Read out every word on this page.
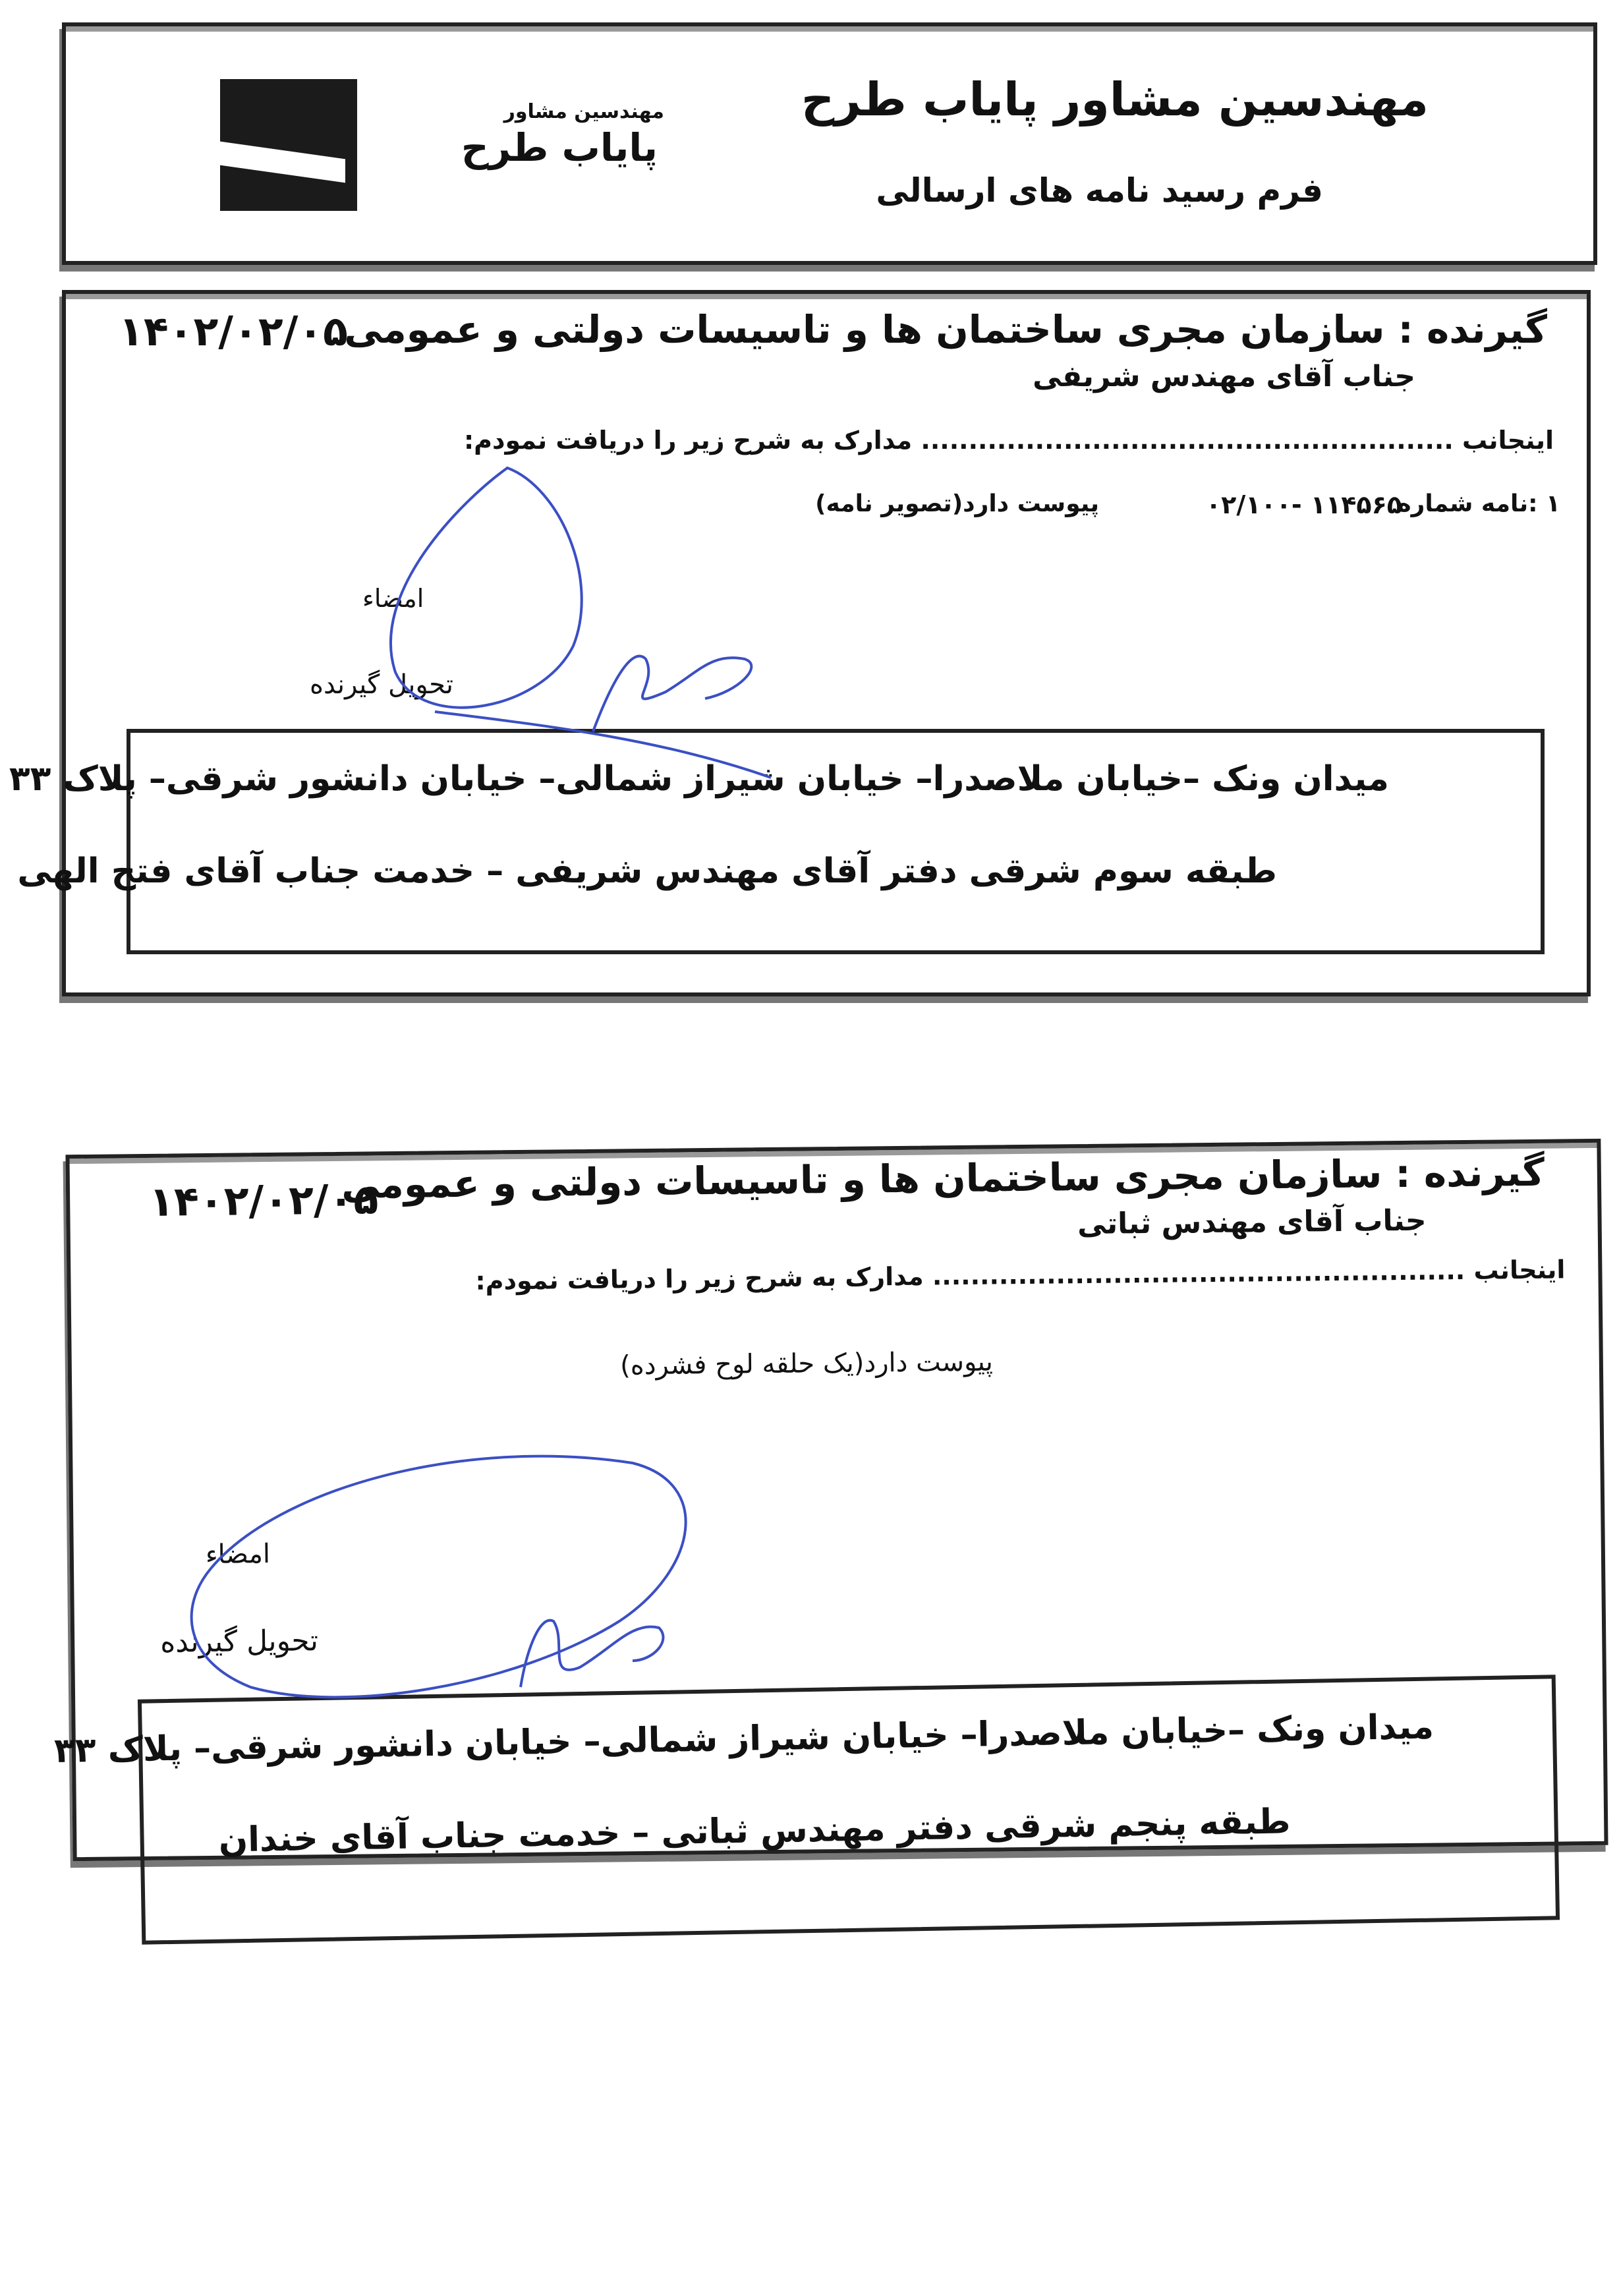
مهندسین مشاور
پایاب طرح
مهندسین مشاور پایاب طرح
فرم رسید نامه های ارسالی
۱۴۰۲/۰۲/۰۵
گیرنده : سازمان مجری ساختمان ها و تاسیسات دولتی و عمومی
جناب آقای مهندس شریفی
اینجانب ........................................................ مدارک به شرح زیر را دریافت نمودم:
۱ :نامه شماره
۱۱۴۵۶۵ -۰۲/۱۰۰
پیوست دارد(تصویر نامه)
امضاء
تحویل گیرنده
میدان ونک –خیابان ملاصدرا– خیابان شیراز شمالی– خیابان دانشور شرقی– پلاک ۳۳
طبقه سوم شرقی دفتر آقای مهندس شریفی – خدمت جناب آقای فتح الهی
۱۴۰۲/۰۲/۰۵
گیرنده : سازمان مجری ساختمان ها و تاسیسات دولتی و عمومی
جناب آقای مهندس ثباتی
اینجانب ........................................................ مدارک به شرح زیر را دریافت نمودم:
پیوست دارد(یک حلقه لوح فشرده)
امضاء
تحویل گیرنده
میدان ونک –خیابان ملاصدرا– خیابان شیراز شمالی– خیابان دانشور شرقی– پلاک ۳۳
طبقه پنجم شرقی دفتر مهندس ثباتی – خدمت جناب آقای خندان
